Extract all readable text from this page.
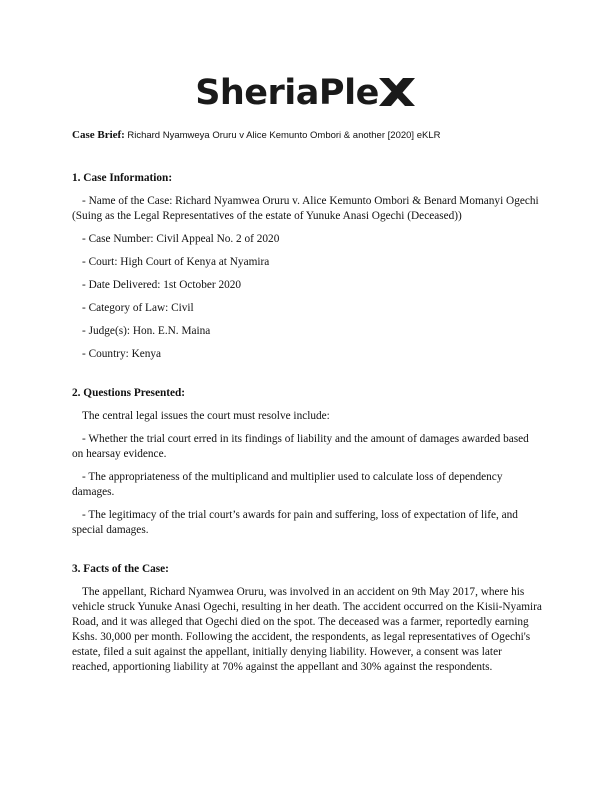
SheriaPle
Case Brief: Richard Nyamweya Oruru v Alice Kemunto Ombori & another [2020] eKLR

1. Case Information:

- Name of the Case: Richard Nyamwea Oruru v. Alice Kemunto Ombori & Benard Momanyi Ogechi (Suing as the Legal Representatives of the estate of Yunuke Anasi Ogechi (Deceased))

- Case Number: Civil Appeal No. 2 of 2020

- Court: High Court of Kenya at Nyamira

- Date Delivered: 1st October 2020

- Category of Law: Civil

- Judge(s): Hon. E.N. Maina

- Country: Kenya

2. Questions Presented:

The central legal issues the court must resolve include:

- Whether the trial court erred in its findings of liability and the amount of damages awarded based on hearsay evidence.

- The appropriateness of the multiplicand and multiplier used to calculate loss of dependency damages.

- The legitimacy of the trial court’s awards for pain and suffering, loss of expectation of life, and special damages.

3. Facts of the Case:

The appellant, Richard Nyamwea Oruru, was involved in an accident on 9th May 2017, where his vehicle struck Yunuke Anasi Ogechi, resulting in her death. The accident occurred on the Kisii-Nyamira Road, and it was alleged that Ogechi died on the spot. The deceased was a farmer, reportedly earning Kshs. 30,000 per month. Following the accident, the respondents, as legal representatives of Ogechi's estate, filed a suit against the appellant, initially denying liability. However, a consent was later reached, apportioning liability at 70% against the appellant and 30% against the respondents.
